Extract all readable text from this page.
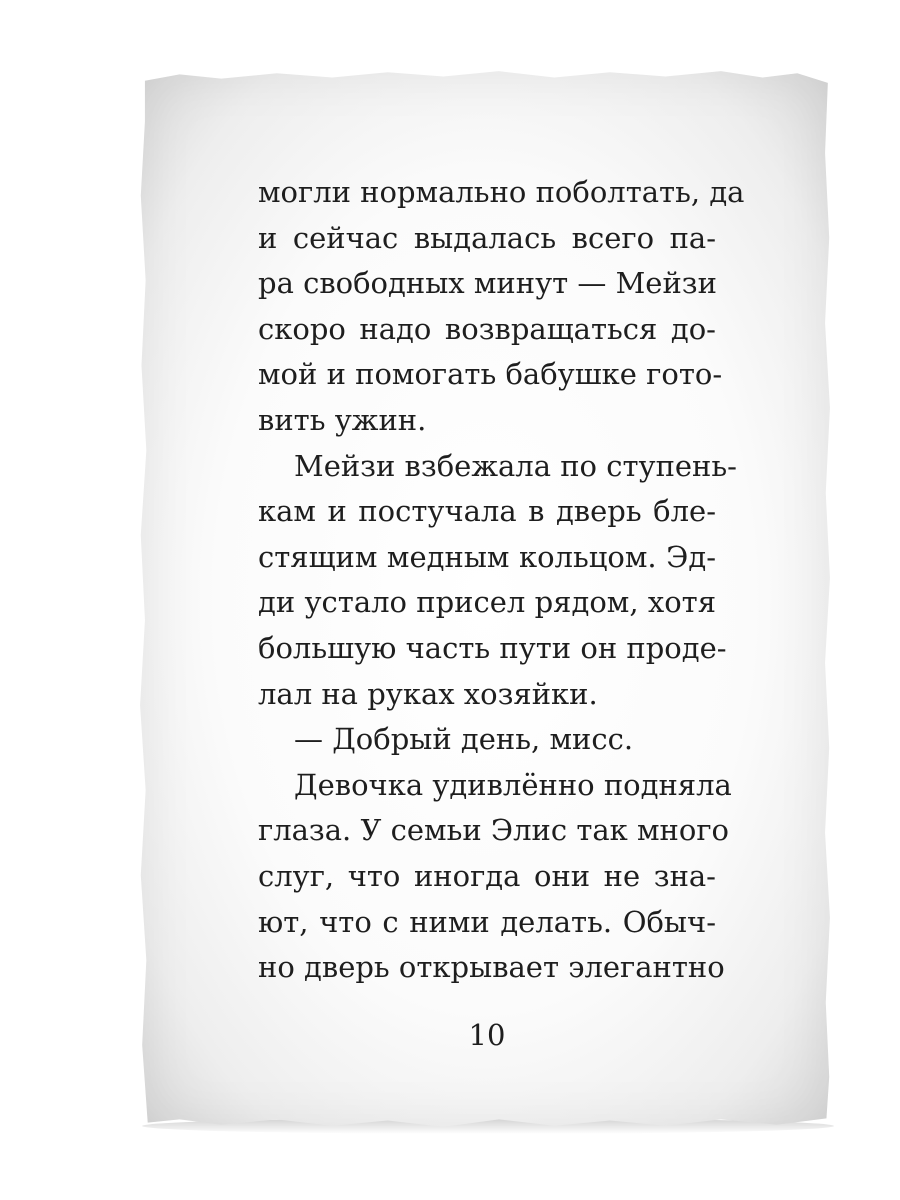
могли нормально поболтать, да
и сейчас выдалась всего па-
ра свободных минут — Мейзи
скоро надо возвращаться до-
мой и помогать бабушке гото-
вить ужин.
Мейзи взбежала по ступень-
кам и постучала в дверь бле-
стящим медным кольцом. Эд-
ди устало присел рядом, хотя
большую часть пути он проде-
лал на руках хозяйки.
— Добрый день, мисс.
Девочка удивлённо подняла
глаза. У семьи Элис так много
слуг, что иногда они не зна-
ют, что с ними делать. Обыч-
но дверь открывает элегантно
10
